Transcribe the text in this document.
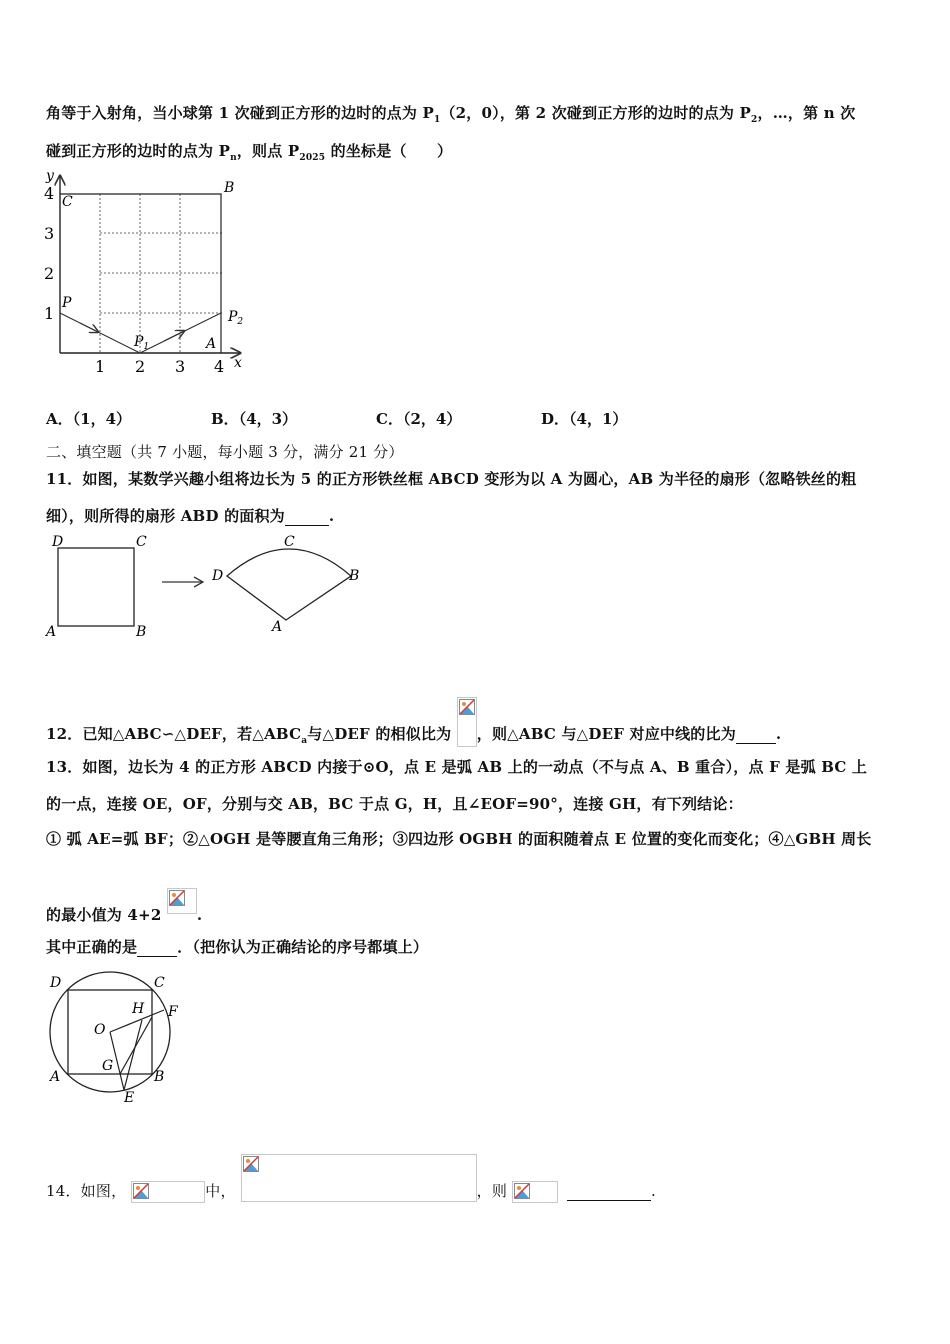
角等于入射角，当小球第 1 次碰到正方形的边时的点为 $P_1(2$，0），第 2 次碰到正方形的边时的点为 $P_2$，…，第 n 次
碰到正方形的边时的点为 $P_n$，则点 $P_{2025}$ 的坐标是（　　）
y
x
4
3
2
1
1 2 3 4
C
B
P
$P_2$
$P_1$	A
A．（1，4）	B．（4，3）	C．（2，4）	D．（4，1）
二、填空题（共 7 小题，每小题 3 分，满分 21 分）
11．如图，某数学兴趣小组将边长为 5 的正方形铁丝框 ABCD 变形为以 A 为圆心，AB 为半径的扇形（忽略铁丝的粗
细），则所得的扇形 ABD 的面积为	.
D	C
A	B
C
D	B
A
12．已知△ABC∽△DEF，若$\triangle ABC_a$与△DEF 的相似比为 ，则△ABC 与△DEF 对应中线的比为	.
13．如图，边长为 4 的正方形 ABCD 内接于⊙O，点 E 是弧 AB 上的一动点（不与点 A、B 重合），点 F 是弧 BC 上
的一点，连接 OE，OF，分别与交 AB，BC 于点 G，H，且∠EOF=90°，连接 GH，有下列结论：
① 弧 AE=弧 BF；②△OGH 是等腰直角三角形；③四边形 OGBH 的面积随着点 E 位置的变化而变化；④△GBH 周长
的最小值为 4+2 .
其中正确的是	．（把你认为正确结论的序号都填上）
D	C
H F
O
G
A	B
E
14．如图，	中，	，则	.
